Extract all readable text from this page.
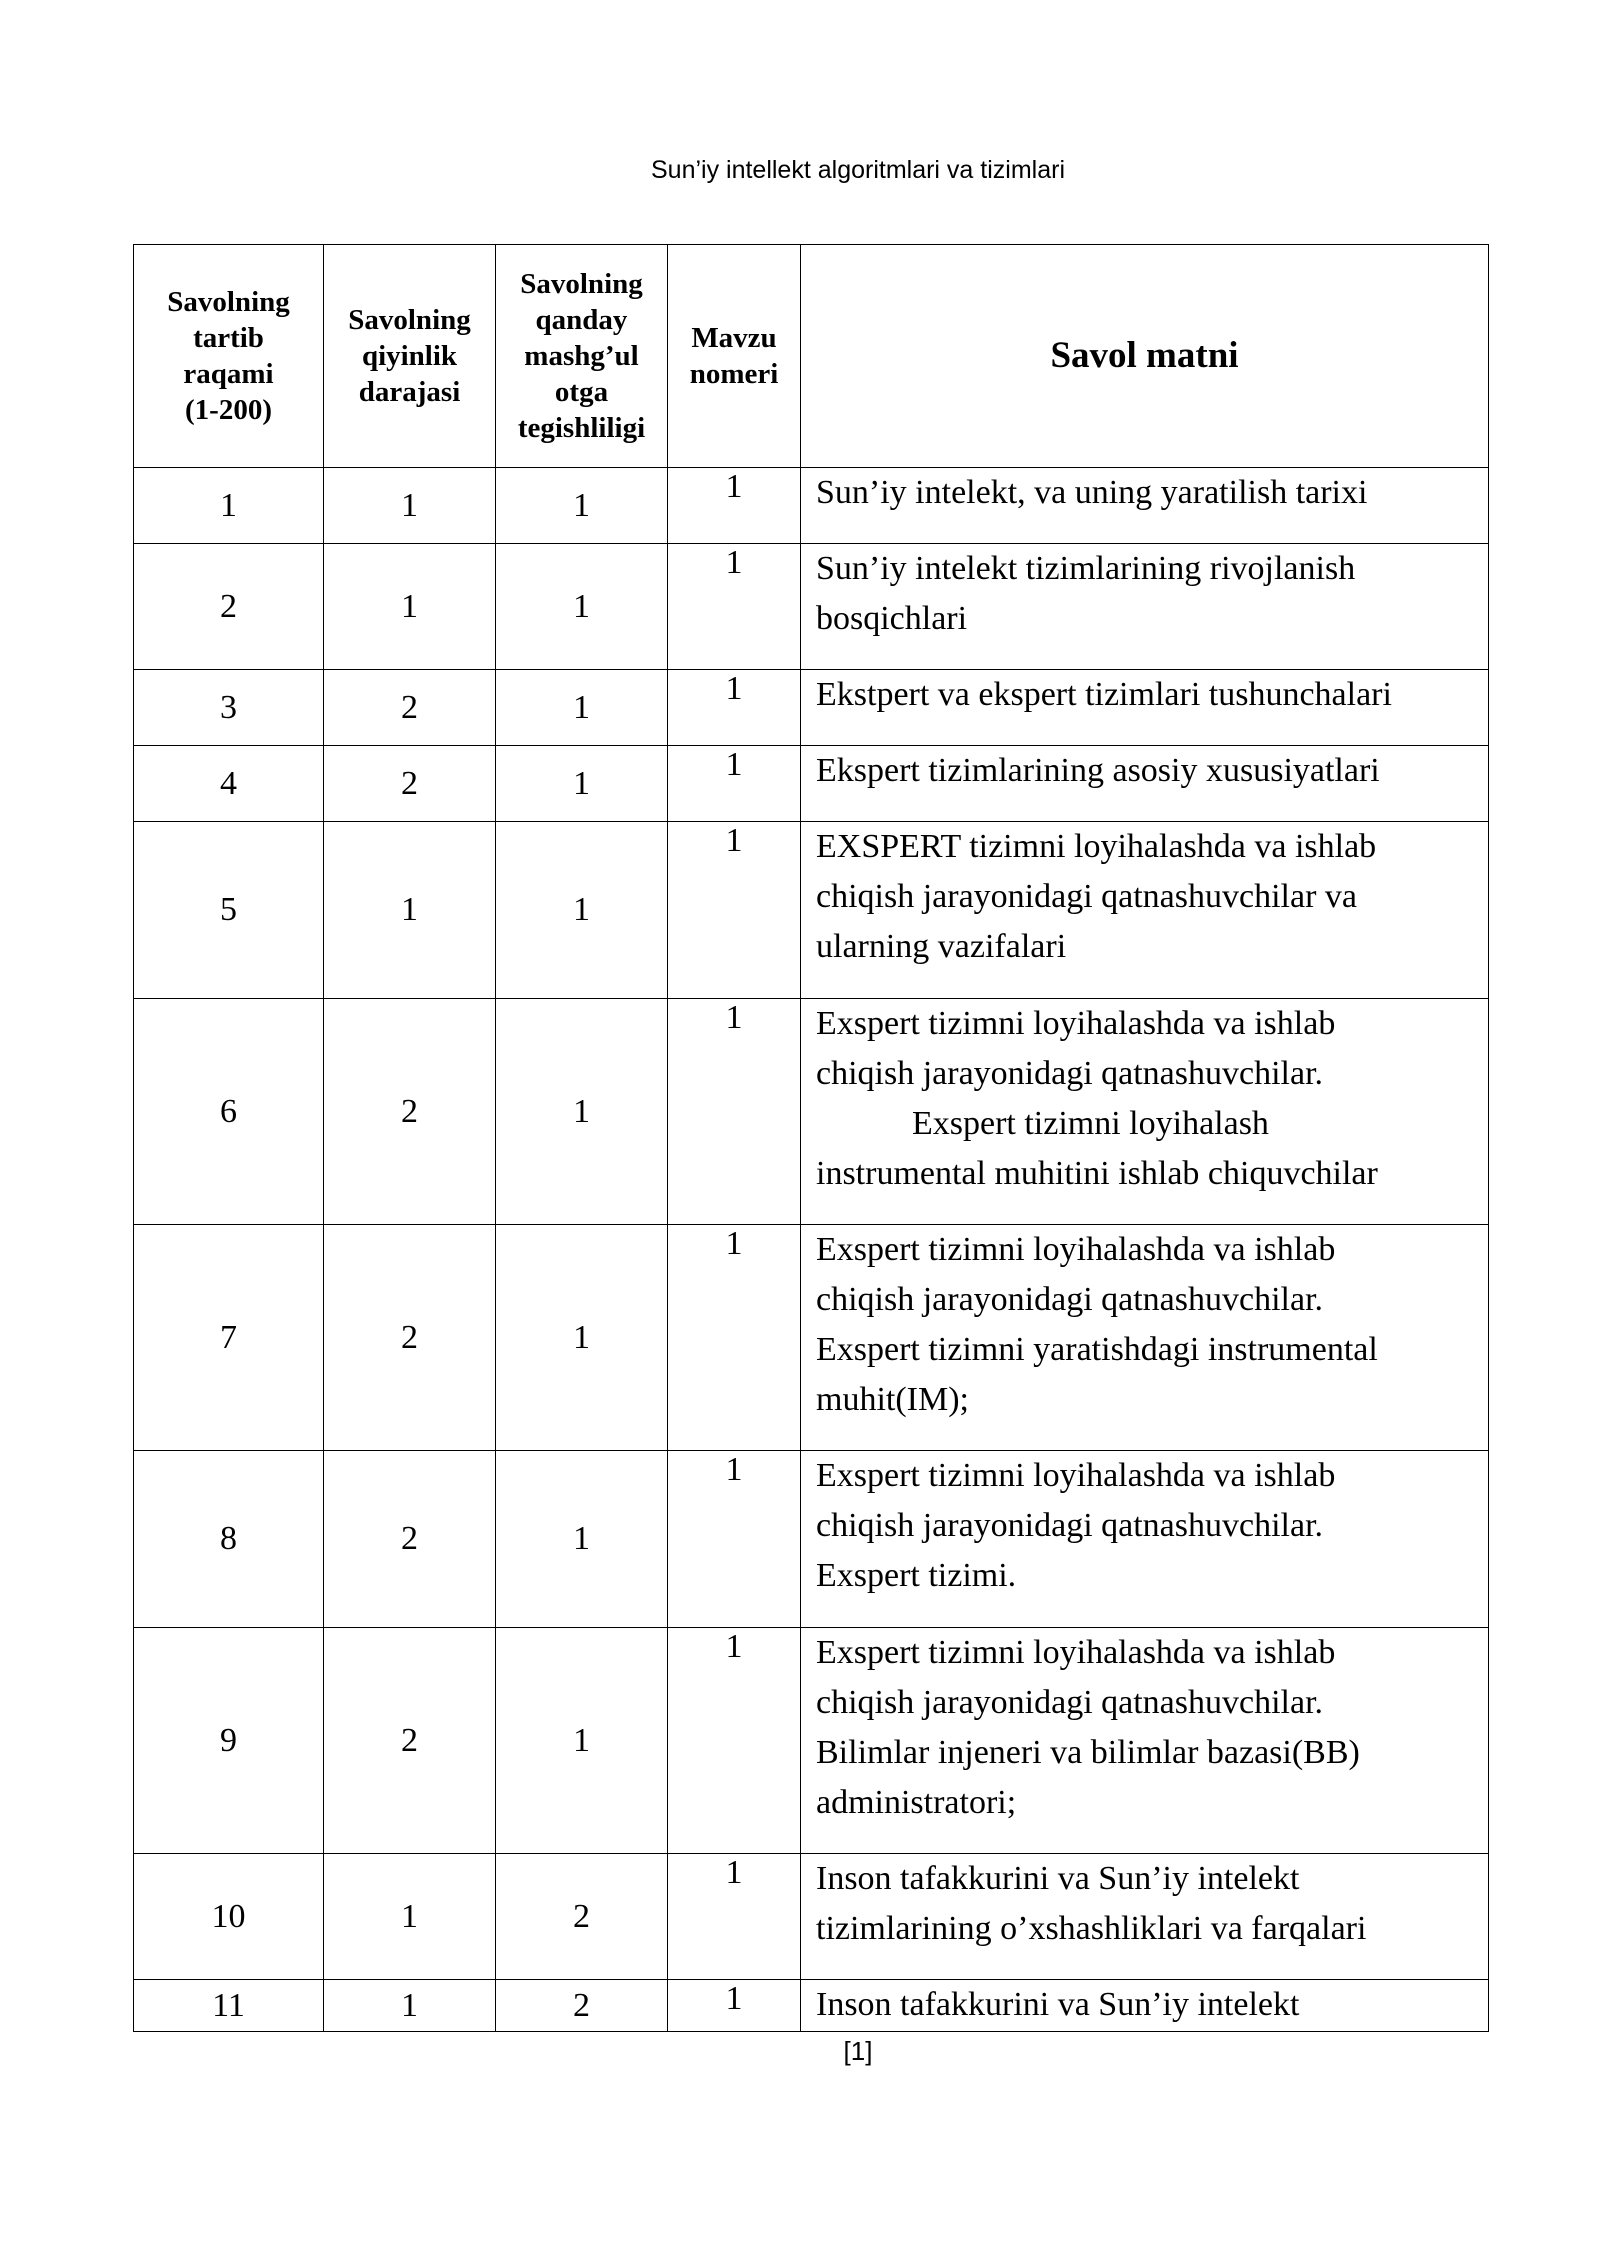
Sun’iy intellekt algoritmlari va tizimlari
Savolning tartib raqami (1-200)	Savolning qiyinlik darajasi	Savolning qanday mashg’ul otga tegishliligi	Mavzu nomeri	Savol matni
1	1	1	1	Sun’iy intelekt, va uning yaratilish tarixi

2	1	1	1	Sun’iy intelekt tizimlarining rivojlanish
bosqichlari

3	2	1	1	Ekstpert va ekspert tizimlari tushunchalari

4	2	1	1	Ekspert tizimlarining asosiy xususiyatlari

5	1	1	1	EXSPERT tizimni loyihalashda va ishlab
chiqish jarayonidagi qatnashuvchilar va
ularning vazifalari

6	2	1	1	Exspert tizimni loyihalashda va ishlab
chiqish jarayonidagi qatnashuvchilar.
Exspert tizimni loyihalash
instrumental muhitini ishlab chiquvchilar

7	2	1	1	Exspert tizimni loyihalashda va ishlab
chiqish jarayonidagi qatnashuvchilar.
Exspert tizimni yaratishdagi instrumental
muhit(IM);

8	2	1	1	Exspert tizimni loyihalashda va ishlab
chiqish jarayonidagi qatnashuvchilar.
Exspert tizimi.

9	2	1	1	Exspert tizimni loyihalashda va ishlab
chiqish jarayonidagi qatnashuvchilar.
Bilimlar injeneri va bilimlar bazasi(BB)
administratori;

10	1	2	1	Inson tafakkurini va Sun’iy intelekt
tizimlarining o’xshashliklari va farqalari

11	1	2	1	Inson tafakkurini va Sun’iy intelekt
[1]
